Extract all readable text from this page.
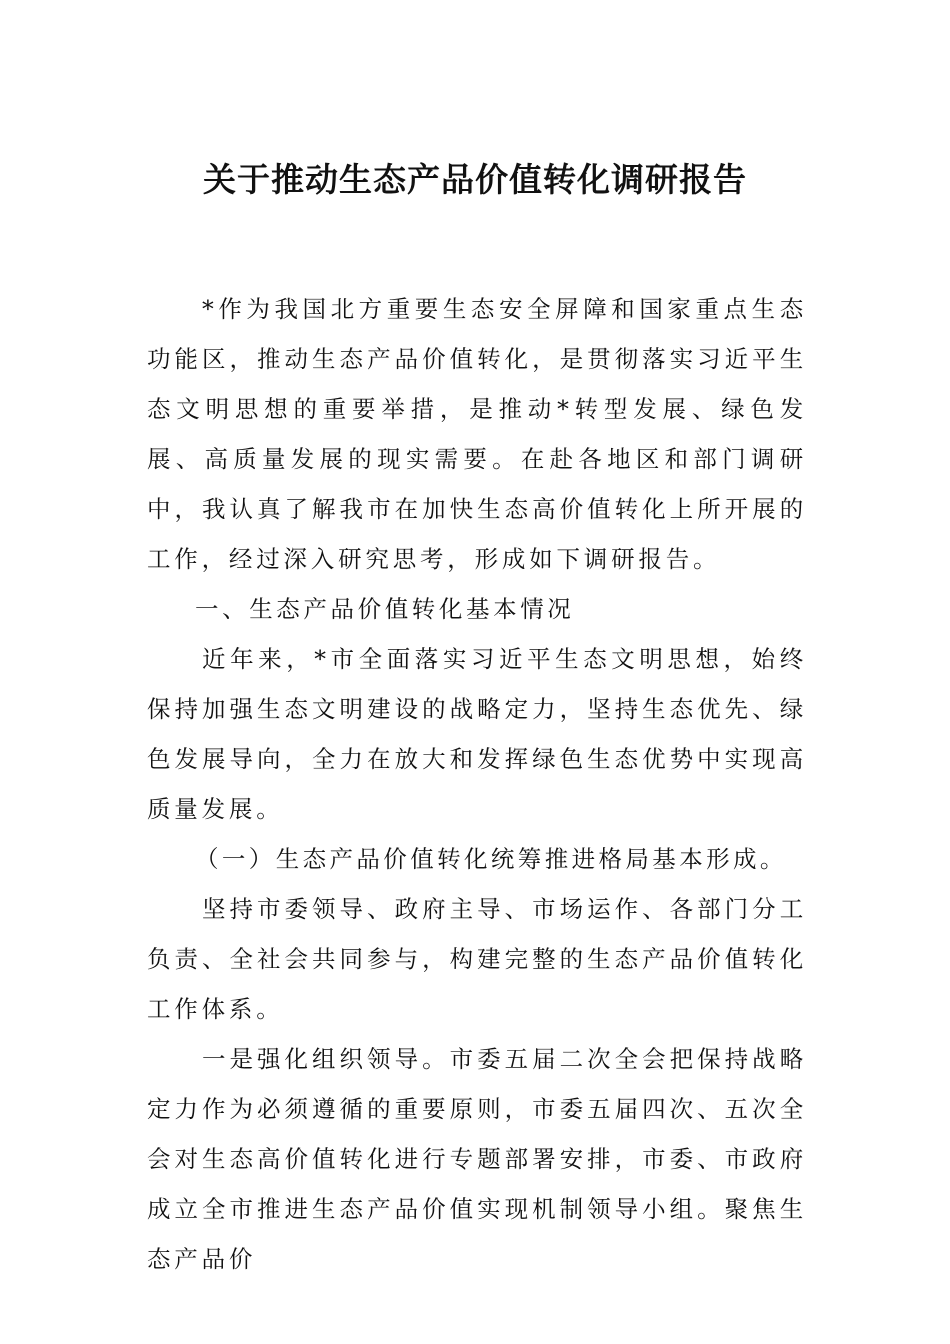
关于推动生态产品价值转化调研报告

*作为我国北方重要生态安全屏障和国家重点生态功能区，推动生态产品价值转化，是贯彻落实习近平生态文明思想的重要举措，是推动*转型发展、绿色发展、高质量发展的现实需要。在赴各地区和部门调研中，我认真了解我市在加快生态高价值转化上所开展的工作，经过深入研究思考，形成如下调研报告。

一、生态产品价值转化基本情况

近年来，*市全面落实习近平生态文明思想，始终保持加强生态文明建设的战略定力，坚持生态优先、绿色发展导向，全力在放大和发挥绿色生态优势中实现高质量发展。

（一）生态产品价值转化统筹推进格局基本形成。

坚持市委领导、政府主导、市场运作、各部门分工负责、全社会共同参与，构建完整的生态产品价值转化工作体系。

一是强化组织领导。市委五届二次全会把保持战略定力作为必须遵循的重要原则，市委五届四次、五次全会对生态高价值转化进行专题部署安排，市委、市政府成立全市推进生态产品价值实现机制领导小组。聚焦生态产品价
